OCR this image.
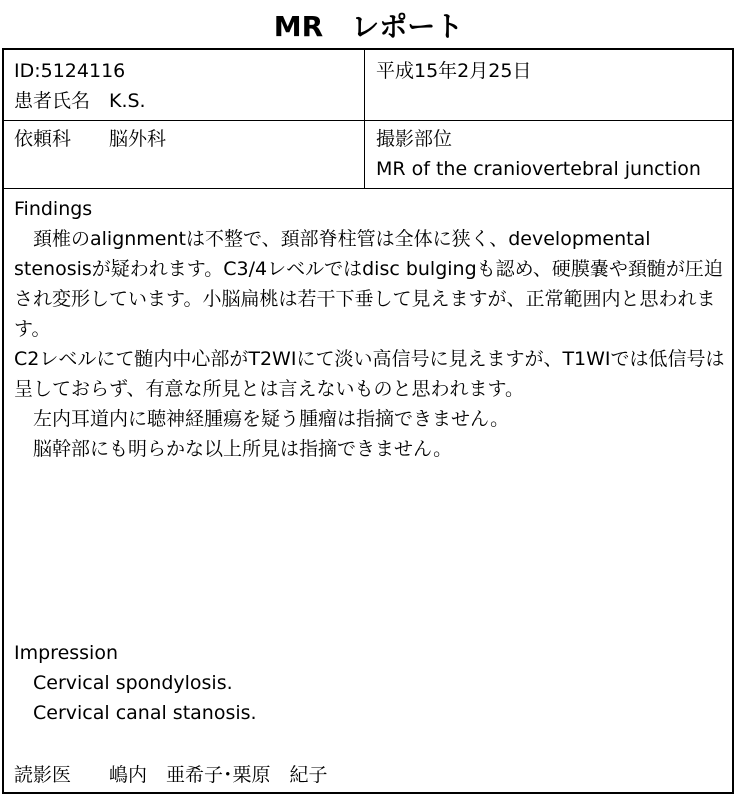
MR　レポート
ID:5124116
患者氏名　K.S.
平成15年2月25日
依頼科　　脳外科	撮影部位
MR of the craniovertebral junction

Findings

頚椎のalignmentは不整で、頚部脊柱管は全体に狭く、developmental stenosisが疑われます。C3/4レベルではdisc bulgingも認め、硬膜嚢や頚髄が圧迫され変形しています。小脳扁桃は若干下垂して見えますが、正常範囲内と思われます。

C2レベルにて髄内中心部がT2WIにて淡い高信号に見えますが、T1WIでは低信号は呈しておらず、有意な所見とは言えないものと思われます。

左内耳道内に聴神経腫瘍を疑う腫瘤は指摘できません。

脳幹部にも明らかな以上所見は指摘できません。

Impression

Cervical spondylosis.

Cervical canal stanosis.

読影医　　嶋内　亜希子･栗原　紀子
